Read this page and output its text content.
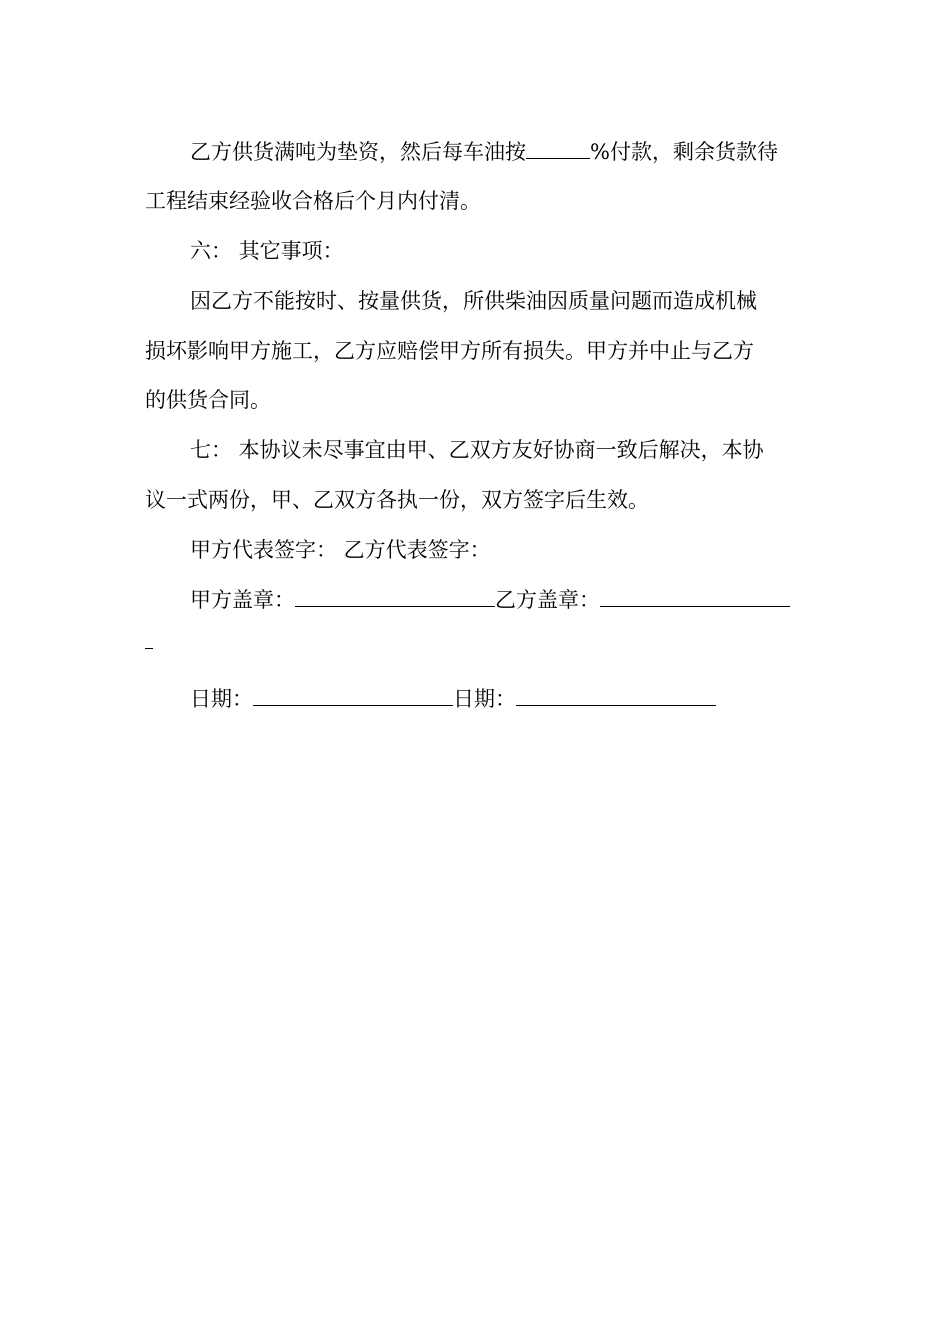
乙方供货满吨为垫资，然后每车油按	%付款，剩余货款待
工程结束经验收合格后个月内付清。
六： 其它事项：
因乙方不能按时、按量供货，所供柴油因质量问题而造成机械
损坏影响甲方施工，乙方应赔偿甲方所有损失。甲方并中止与乙方
的供货合同。
七： 本协议未尽事宜由甲、乙双方友好协商一致后解决，本协
议一式两份，甲、乙双方各执一份，双方签字后生效。
甲方代表签字： 乙方代表签字：
甲方盖章：	乙方盖章：
日期：	日期：
